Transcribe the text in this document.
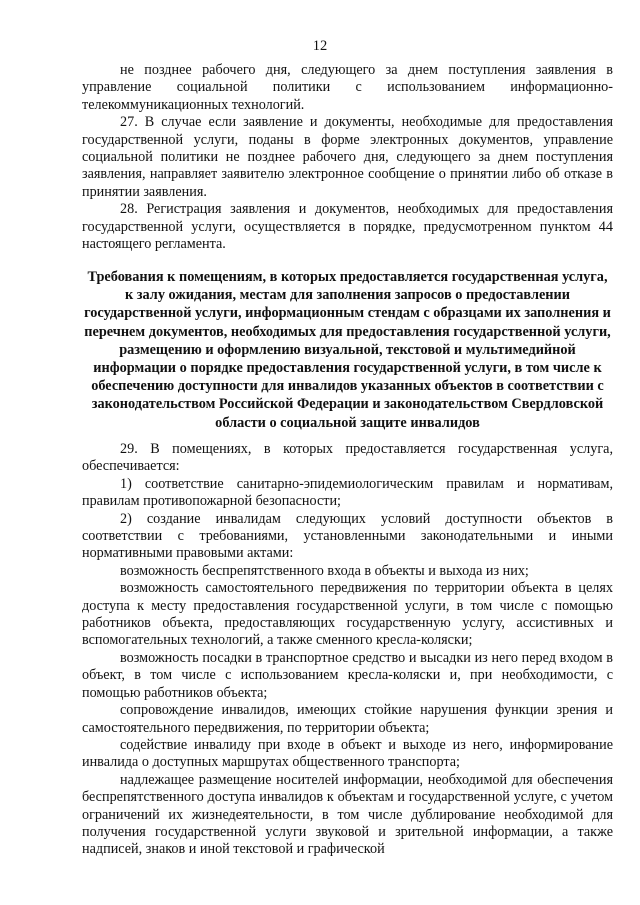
12

не позднее рабочего дня, следующего за днем поступления заявления в управление социальной политики с использованием информационно-телекоммуникационных технологий.

27. В случае если заявление и документы, необходимые для предоставления государственной услуги, поданы в форме электронных документов, управление социальной политики не позднее рабочего дня, следующего за днем поступления заявления, направляет заявителю электронное сообщение о принятии либо об отказе в принятии заявления.

28. Регистрация заявления и документов, необходимых для предоставления государственной услуги, осуществляется в порядке, предусмотренном пунктом 44 настоящего регламента.

Требования к помещениям, в которых предоставляется государственная услуга, к залу ожидания, местам для заполнения запросов о предоставлении государственной услуги, информационным стендам с образцами их заполнения и перечнем документов, необходимых для предоставления государственной услуги, размещению и оформлению визуальной, текстовой и мультимедийной информации о порядке предоставления государственной услуги, в том числе к обеспечению доступности для инвалидов указанных объектов в соответствии с законодательством Российской Федерации и законодательством Свердловской области о социальной защите инвалидов

29. В помещениях, в которых предоставляется государственная услуга, обеспечивается:

1) соответствие санитарно-эпидемиологическим правилам и нормативам, правилам противопожарной безопасности;

2) создание инвалидам следующих условий доступности объектов в соответствии с требованиями, установленными законодательными и иными нормативными правовыми актами:

возможность беспрепятственного входа в объекты и выхода из них;

возможность самостоятельного передвижения по территории объекта в целях доступа к месту предоставления государственной услуги, в том числе с помощью работников объекта, предоставляющих государственную услугу, ассистивных и вспомогательных технологий, а также сменного кресла-коляски;

возможность посадки в транспортное средство и высадки из него перед входом в объект, в том числе с использованием кресла-коляски и, при необходимости, с помощью работников объекта;

сопровождение инвалидов, имеющих стойкие нарушения функции зрения и самостоятельного передвижения, по территории объекта;

содействие инвалиду при входе в объект и выходе из него, информирование инвалида о доступных маршрутах общественного транспорта;

надлежащее размещение носителей информации, необходимой для обеспечения беспрепятственного доступа инвалидов к объектам и государственной услуге, с учетом ограничений их жизнедеятельности, в том числе дублирование необходимой для получения государственной услуги звуковой и зрительной информации, а также надписей, знаков и иной текстовой и графической
